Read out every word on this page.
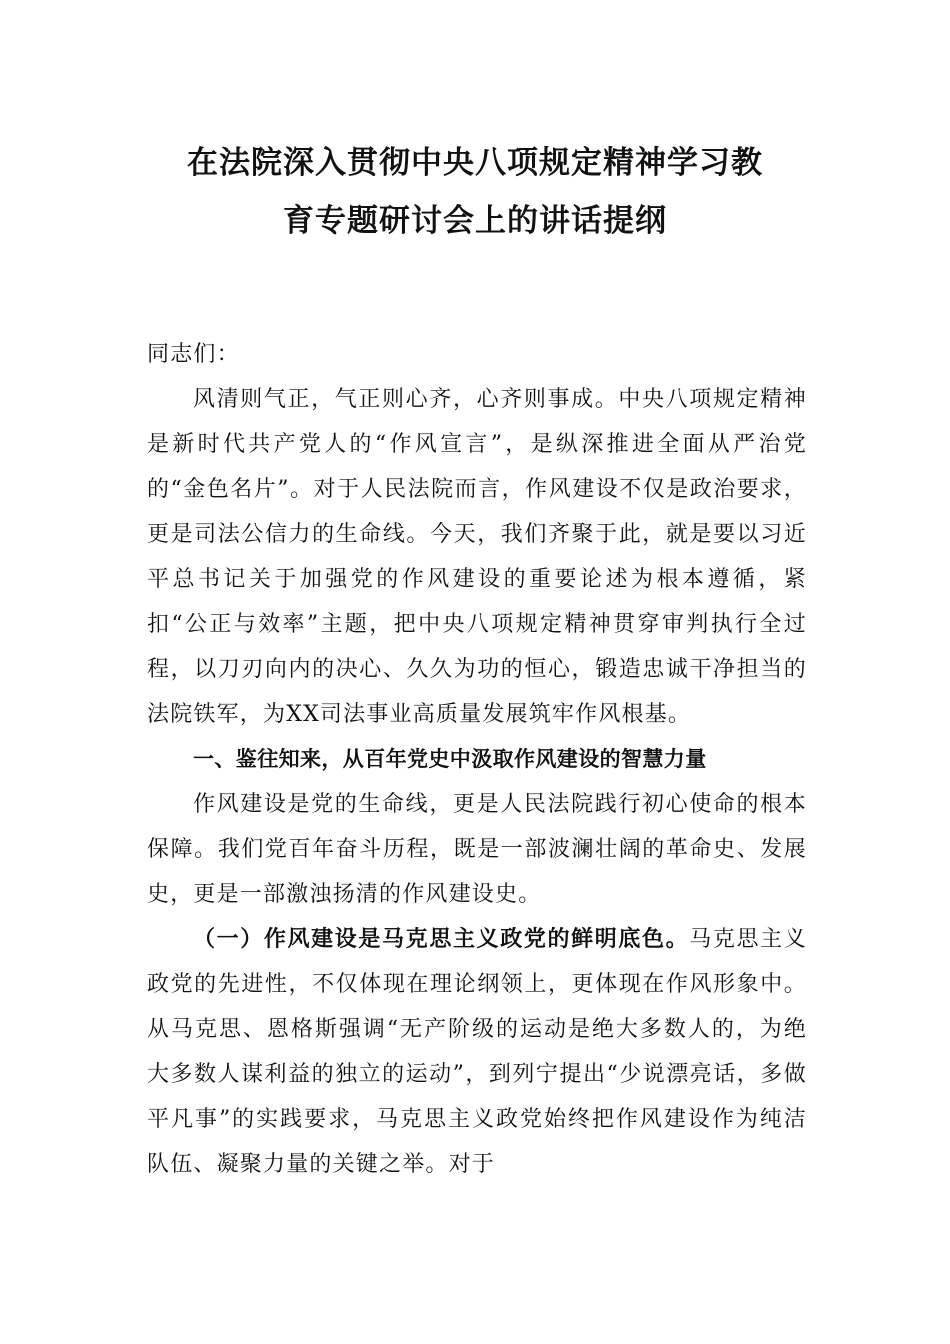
在法院深入贯彻中央八项规定精神学习教
育专题研讨会上的讲话提纲

同志们：

风清则气正，气正则心齐，心齐则事成。中央八项规定精神是新时代共产党人的“作风宣言”，是纵深推进全面从严治党的“金色名片”。对于人民法院而言，作风建设不仅是政治要求，更是司法公信力的生命线。今天，我们齐聚于此，就是要以习近平总书记关于加强党的作风建设的重要论述为根本遵循，紧扣“公正与效率”主题，把中央八项规定精神贯穿审判执行全过程，以刀刃向内的决心、久久为功的恒心，锻造忠诚干净担当的法院铁军，为XX司法事业高质量发展筑牢作风根基。

一、鉴往知来，从百年党史中汲取作风建设的智慧力量

作风建设是党的生命线，更是人民法院践行初心使命的根本保障。我们党百年奋斗历程，既是一部波澜壮阔的革命史、发展史，更是一部激浊扬清的作风建设史。

（一）作风建设是马克思主义政党的鲜明底色。马克思主义政党的先进性，不仅体现在理论纲领上，更体现在作风形象中。从马克思、恩格斯强调“无产阶级的运动是绝大多数人的，为绝大多数人谋利益的独立的运动”，到列宁提出“少说漂亮话，多做平凡事”的实践要求，马克思主义政党始终把作风建设作为纯洁队伍、凝聚力量的关键之举。对于
